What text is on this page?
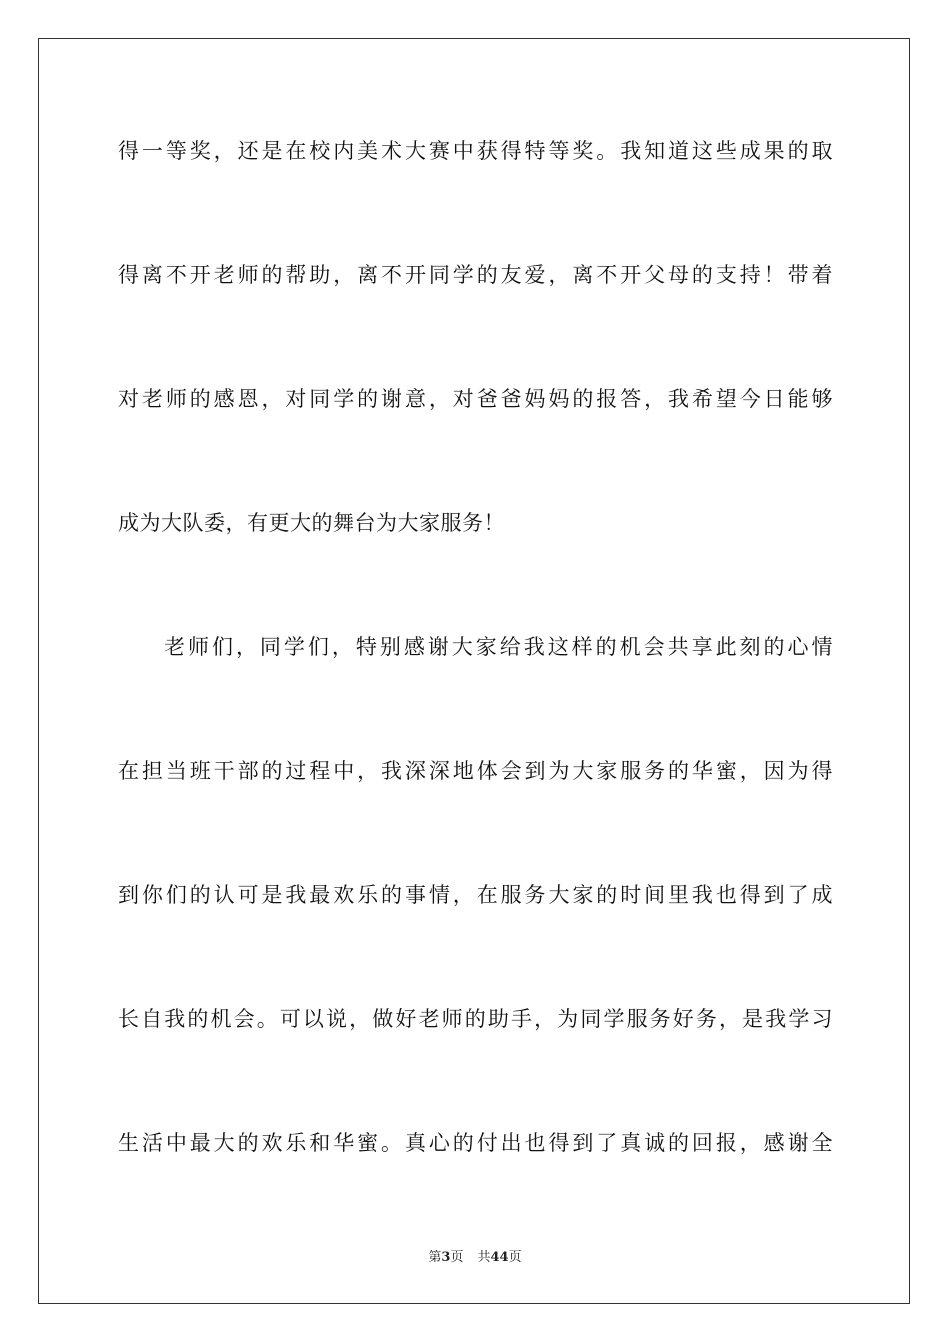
得一等奖，还是在校内美术大赛中获得特等奖。我知道这些成果的取
得离不开老师的帮助，离不开同学的友爱，离不开父母的支持！带着
对老师的感恩，对同学的谢意，对爸爸妈妈的报答，我希望今日能够
成为大队委，有更大的舞台为大家服务！
老师们，同学们，特别感谢大家给我这样的机会共享此刻的心情
在担当班干部的过程中，我深深地体会到为大家服务的华蜜，因为得
到你们的认可是我最欢乐的事情，在服务大家的时间里我也得到了成
长自我的机会。可以说，做好老师的助手，为同学服务好务，是我学习
生活中最大的欢乐和华蜜。真心的付出也得到了真诚的回报，感谢全
第3页 共44页
